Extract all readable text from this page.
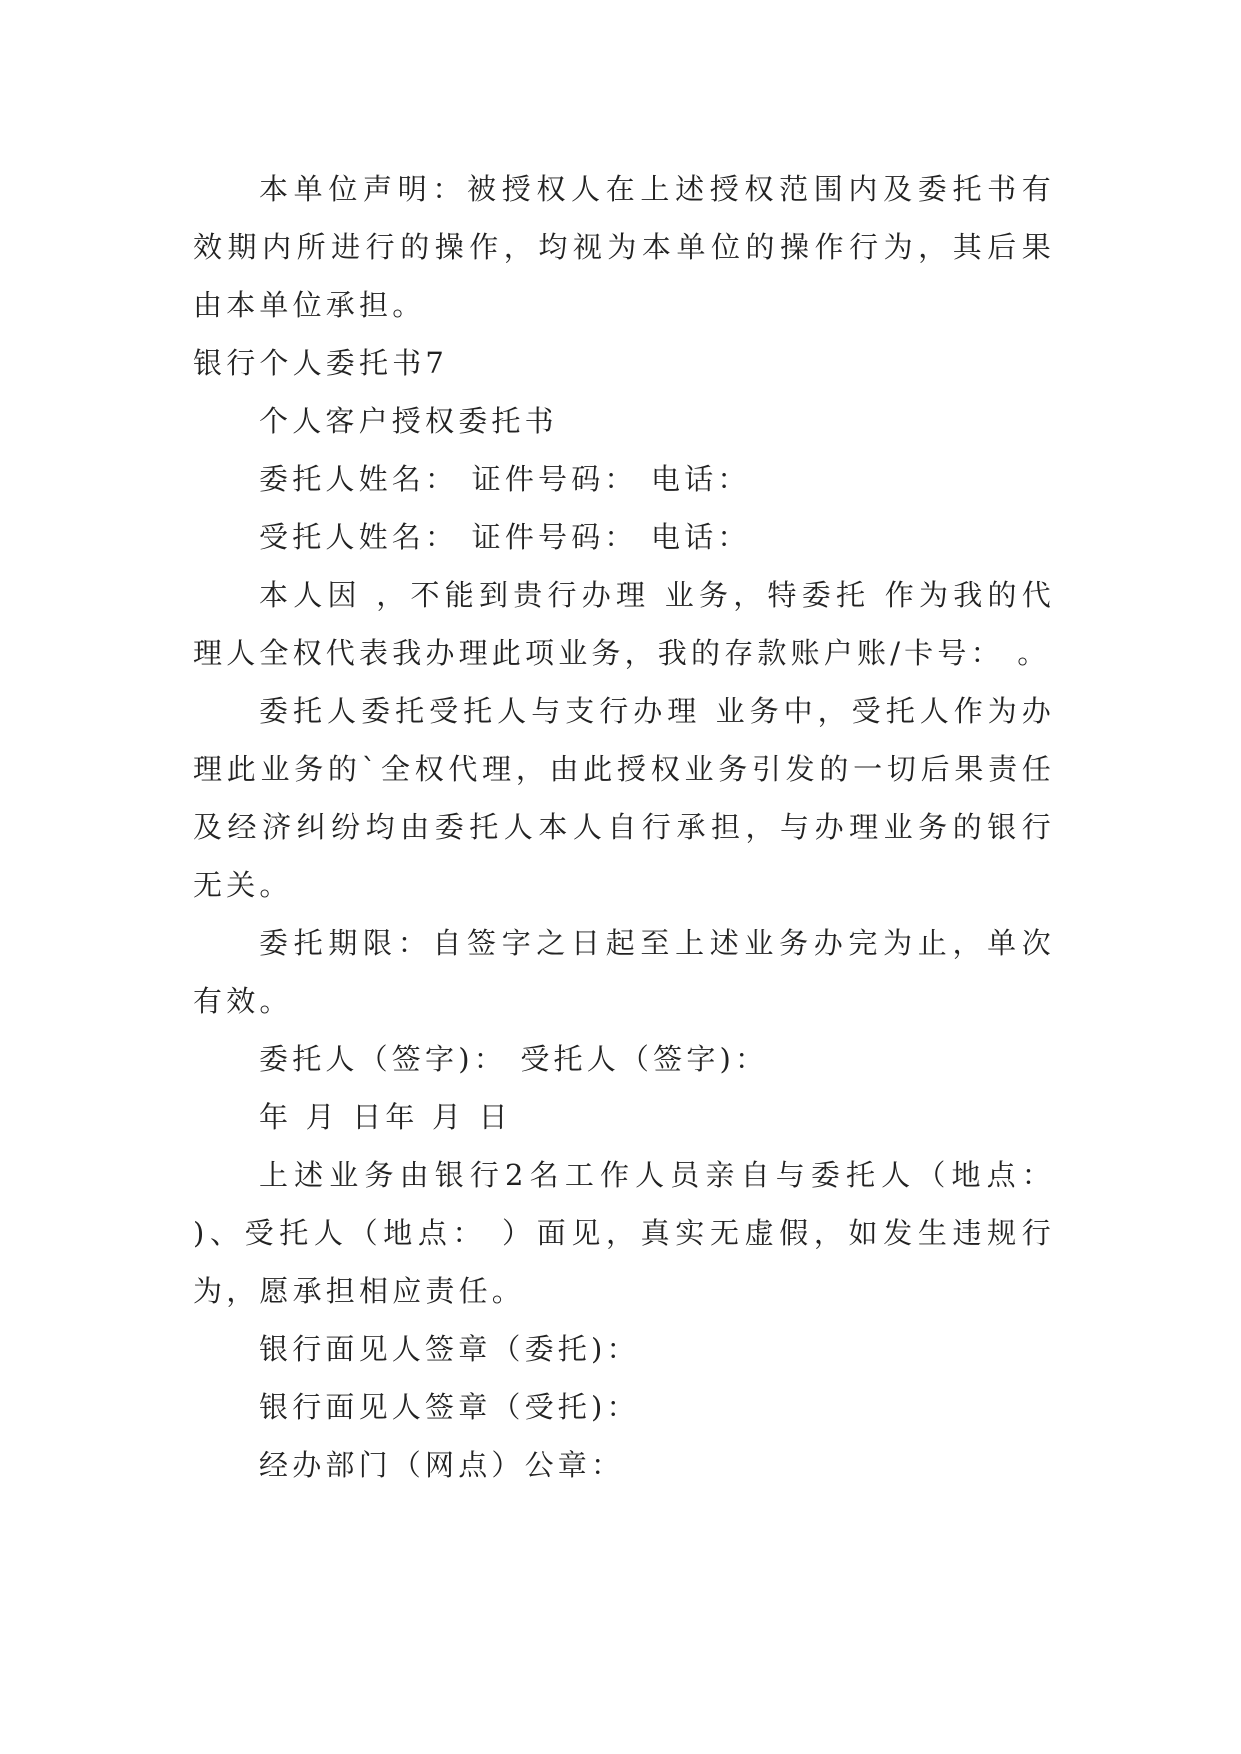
本单位声明：被授权人在上述授权范围内及委托书有效期内所进行的操作，均视为本单位的操作行为，其后果由本单位承担。

银行个人委托书7

个人客户授权委托书

委托人姓名： 证件号码： 电话：

受托人姓名： 证件号码： 电话：

本人因 ，不能到贵行办理 业务，特委托 作为我的代理人全权代表我办理此项业务，我的存款账户账/卡号： 。

委托人委托受托人与支行办理 业务中，受托人作为办理此业务的`全权代理，由此授权业务引发的一切后果责任及经济纠纷均由委托人本人自行承担，与办理业务的银行无关。

委托期限：自签字之日起至上述业务办完为止，单次有效。

委托人（签字)： 受托人（签字)：

年 月 日年 月 日

上述业务由银行2名工作人员亲自与委托人（地点： )、受托人（地点： ）面见，真实无虚假，如发生违规行为，愿承担相应责任。

银行面见人签章（委托)：

银行面见人签章（受托)：

经办部门（网点）公章：
